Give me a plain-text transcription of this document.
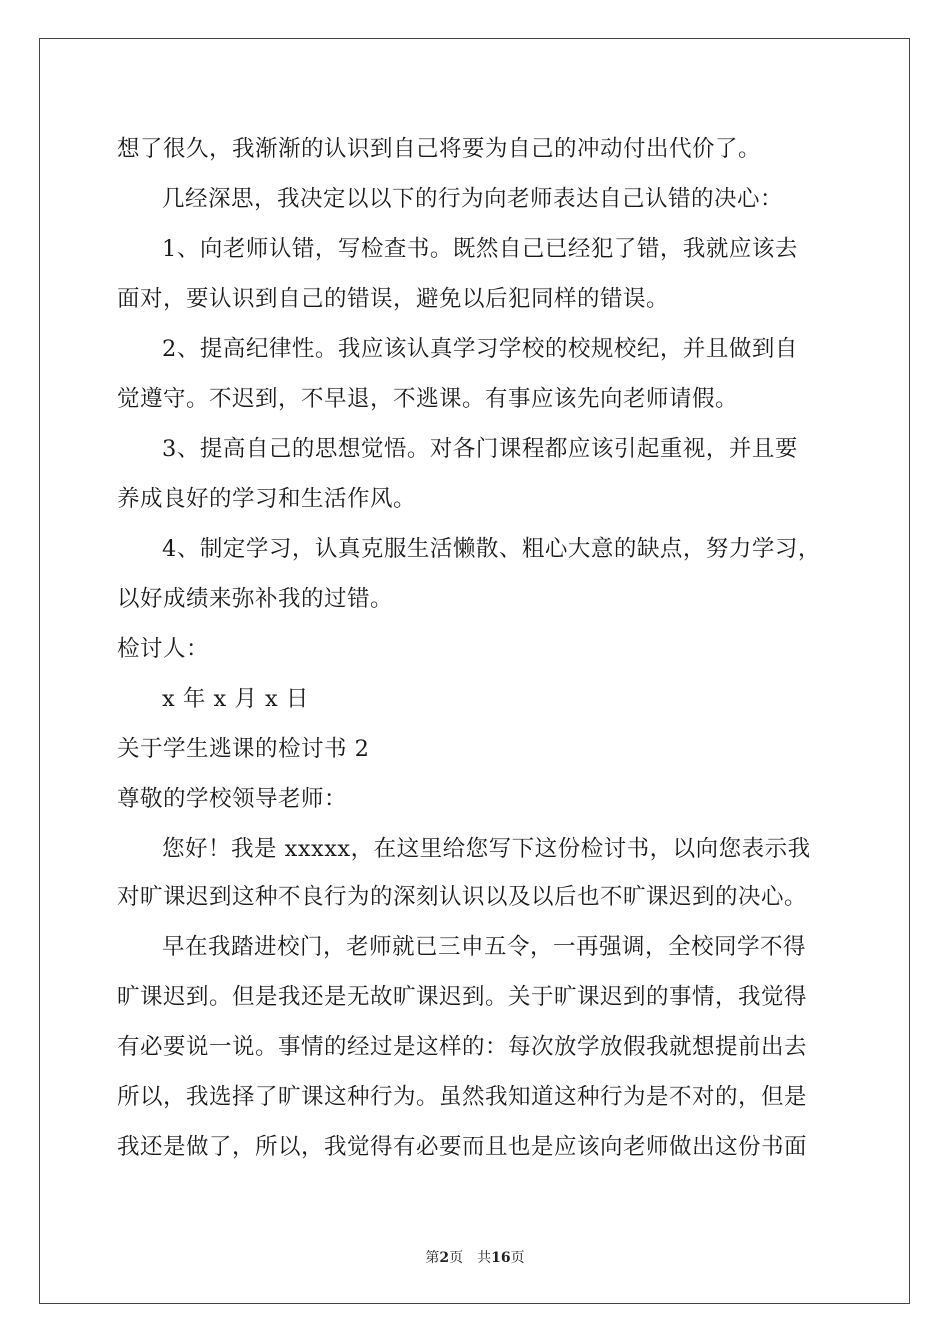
想了很久，我渐渐的认识到自己将要为自己的冲动付出代价了。
几经深思，我决定以以下的行为向老师表达自己认错的决心：
1、向老师认错，写检查书。既然自己已经犯了错，我就应该去
面对，要认识到自己的错误，避免以后犯同样的错误。
2、提高纪律性。我应该认真学习学校的校规校纪，并且做到自
觉遵守。不迟到，不早退，不逃课。有事应该先向老师请假。
3、提高自己的思想觉悟。对各门课程都应该引起重视，并且要
养成良好的学习和生活作风。
4、制定学习，认真克服生活懒散、粗心大意的缺点，努力学习，
以好成绩来弥补我的过错。
检讨人：
x 年 x 月 x 日
关于学生逃课的检讨书 2
尊敬的学校领导老师：
您好！我是 xxxxx，在这里给您写下这份检讨书，以向您表示我
对旷课迟到这种不良行为的深刻认识以及以后也不旷课迟到的决心。
早在我踏进校门，老师就已三申五令，一再强调，全校同学不得
旷课迟到。但是我还是无故旷课迟到。关于旷课迟到的事情，我觉得
有必要说一说。事情的经过是这样的：每次放学放假我就想提前出去
所以，我选择了旷课这种行为。虽然我知道这种行为是不对的，但是
我还是做了，所以，我觉得有必要而且也是应该向老师做出这份书面
第2页　共16页
